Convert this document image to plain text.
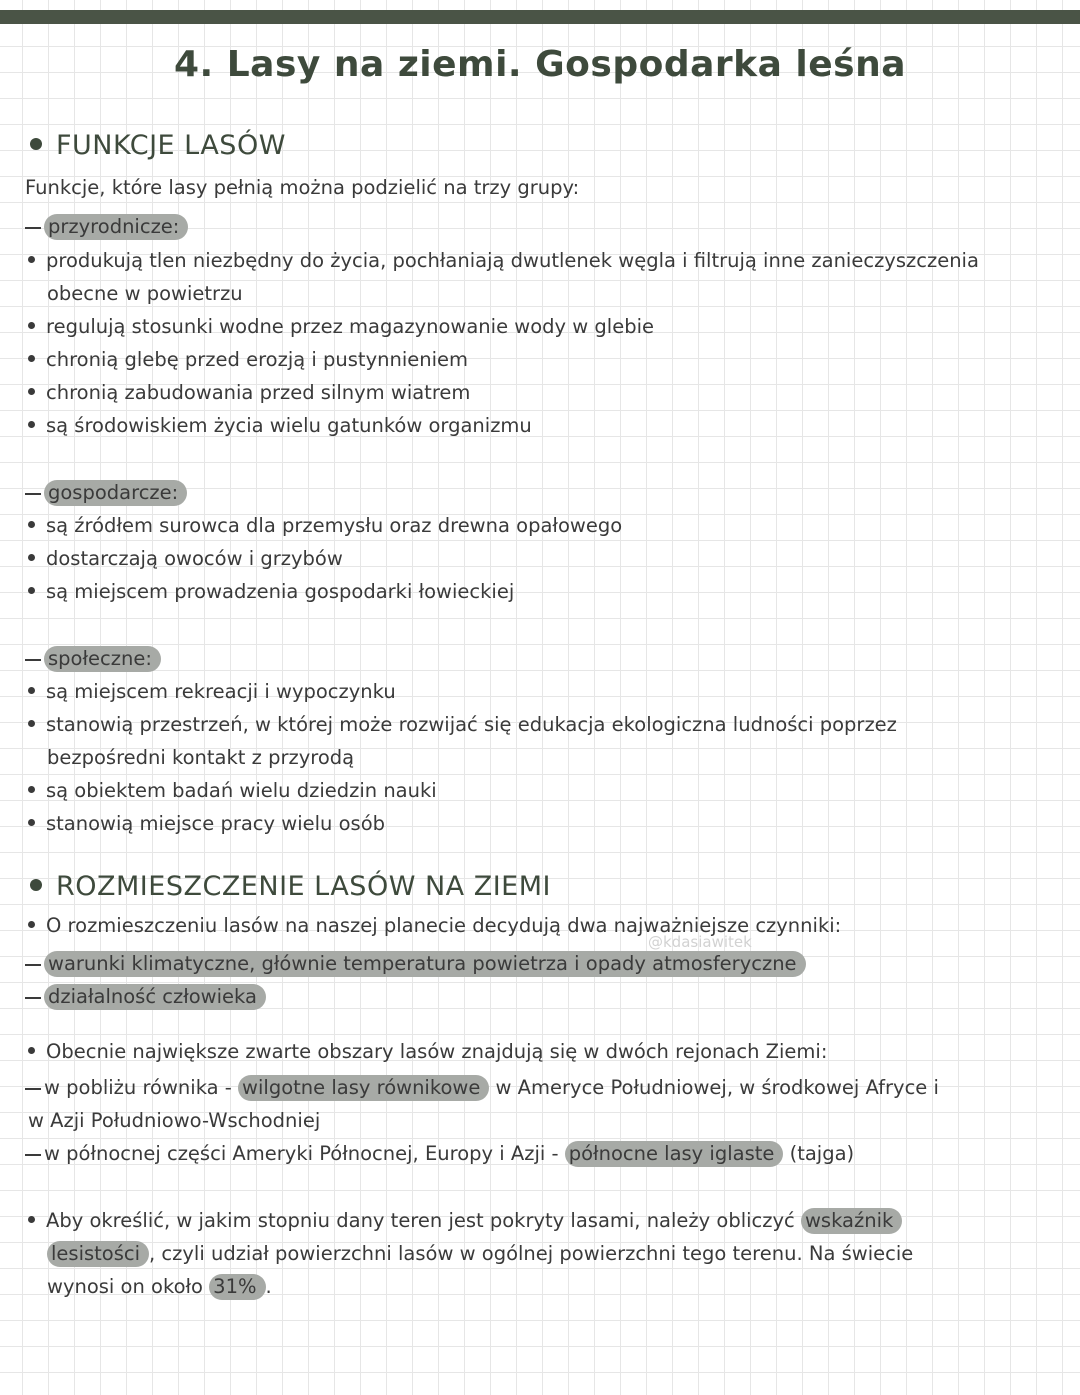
4. Lasy na ziemi. Gospodarka leśna
FUNKCJE LASÓW
Funkcje, które lasy pełnią można podzielić na trzy grupy:
przyrodnicze:
produkują tlen niezbędny do życia, pochłaniają dwutlenek węgla i filtrują inne zanieczyszczenia
obecne w powietrzu
regulują stosunki wodne przez magazynowanie wody w glebie
chronią glebę przed erozją i pustynnieniem
chronią zabudowania przed silnym wiatrem
są środowiskiem życia wielu gatunków organizmu
gospodarcze:
są źródłem surowca dla przemysłu oraz drewna opałowego
dostarczają owoców i grzybów
są miejscem prowadzenia gospodarki łowieckiej
społeczne:
są miejscem rekreacji i wypoczynku
stanowią przestrzeń, w której może rozwijać się edukacja ekologiczna ludności poprzez
bezpośredni kontakt z przyrodą
są obiektem badań wielu dziedzin nauki
stanowią miejsce pracy wielu osób
ROZMIESZCZENIE LASÓW NA ZIEMI
O rozmieszczeniu lasów na naszej planecie decydują dwa najważniejsze czynniki:
@kdasiawitek
warunki klimatyczne, głównie temperatura powietrza i opady atmosferyczne
działalność człowieka
Obecnie największe zwarte obszary lasów znajdują się w dwóch rejonach Ziemi:
w pobliżu równika - wilgotne lasy równikowe w Ameryce Południowej, w środkowej Afryce i
w Azji Południowo-Wschodniej
w północnej części Ameryki Północnej, Europy i Azji - północne lasy iglaste (tajga)
Aby określić, w jakim stopniu dany teren jest pokryty lasami, należy obliczyć wskaźnik
lesistości , czyli udział powierzchni lasów w ogólnej powierzchni tego terenu. Na świecie
wynosi on około 31% .
